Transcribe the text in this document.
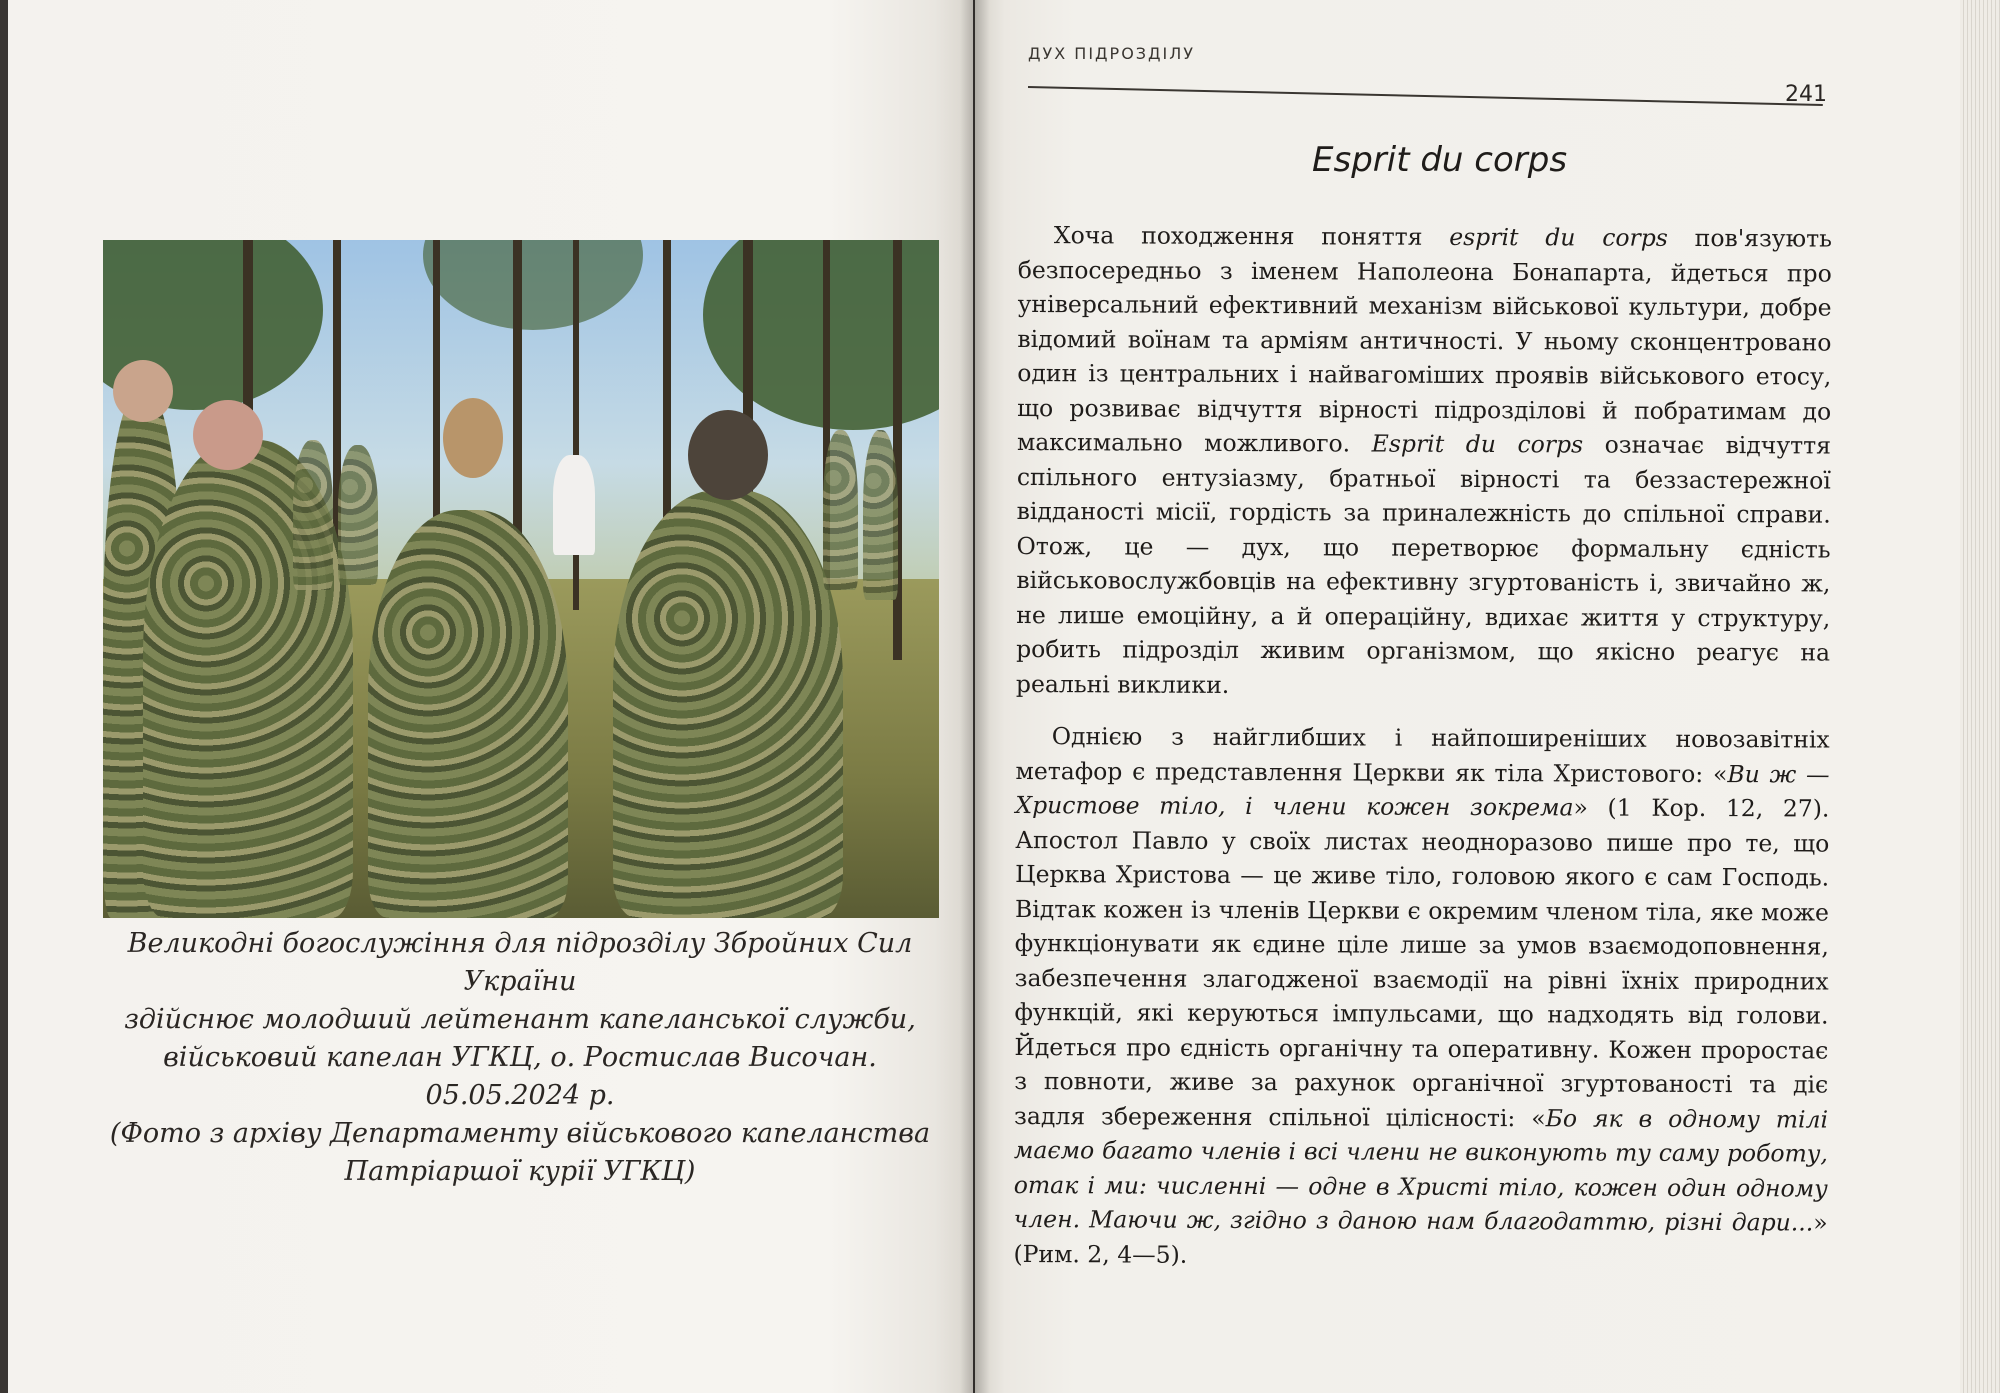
Великодні богослужіння для підрозділу Збройних Сил України
здійснює молодший лейтенант капеланської служби,
військовий капелан УГКЦ, о. Ростислав Височан. 05.05.2024 р.
(Фото з архіву Департаменту військового капеланства
Патріаршої курії УГКЦ)
ДУХ ПІДРОЗДІЛУ
241
Esprit du corps

Хоча походження поняття esprit du corps пов'язують безпосередньо з іменем Наполеона Бонапарта, йдеться про універсальний ефективний механізм військової культури, добре відомий воїнам та арміям античності. У ньому сконцентровано один із центральних і найвагоміших проявів військового етосу, що розвиває відчуття вірності підрозділові й побратимам до максимально можливого. Esprit du corps означає відчуття спільного ентузіазму, братньої вірності та беззастережної відданості місії, гордість за приналежність до спільної справи. Отож, це — дух, що перетворює формальну єдність військовослужбовців на ефективну згуртованість і, звичайно ж, не лише емоційну, а й операційну, вдихає життя у структуру, робить підрозділ живим організмом, що якісно реагує на реальні виклики.

Однією з найглибших і найпоширеніших новозавітніх метафор є представлення Церкви як тіла Христового: «Ви ж — Христове тіло, і члени кожен зокрема» (1 Кор. 12, 27). Апостол Павло у своїх листах неодноразово пише про те, що Церква Христова — це живе тіло, головою якого є сам Господь. Відтак кожен із членів Церкви є окремим членом тіла, яке може функціонувати як єдине ціле лише за умов взаємодоповнення, забезпечення злагодженої взаємодії на рівні їхніх природних функцій, які керуються імпульсами, що надходять від голови. Йдеться про єдність органічну та оперативну. Кожен проростає з повноти, живе за рахунок органічної згуртованості та діє задля збереження спільної цілісності: «Бо як в одному тілі маємо багато членів і всі члени не виконують ту саму роботу, отак і ми: численні — одне в Христі тіло, кожен один одному член. Маючи ж, згідно з даною нам благодаттю, різні дари...» (Рим. 2, 4—5).
